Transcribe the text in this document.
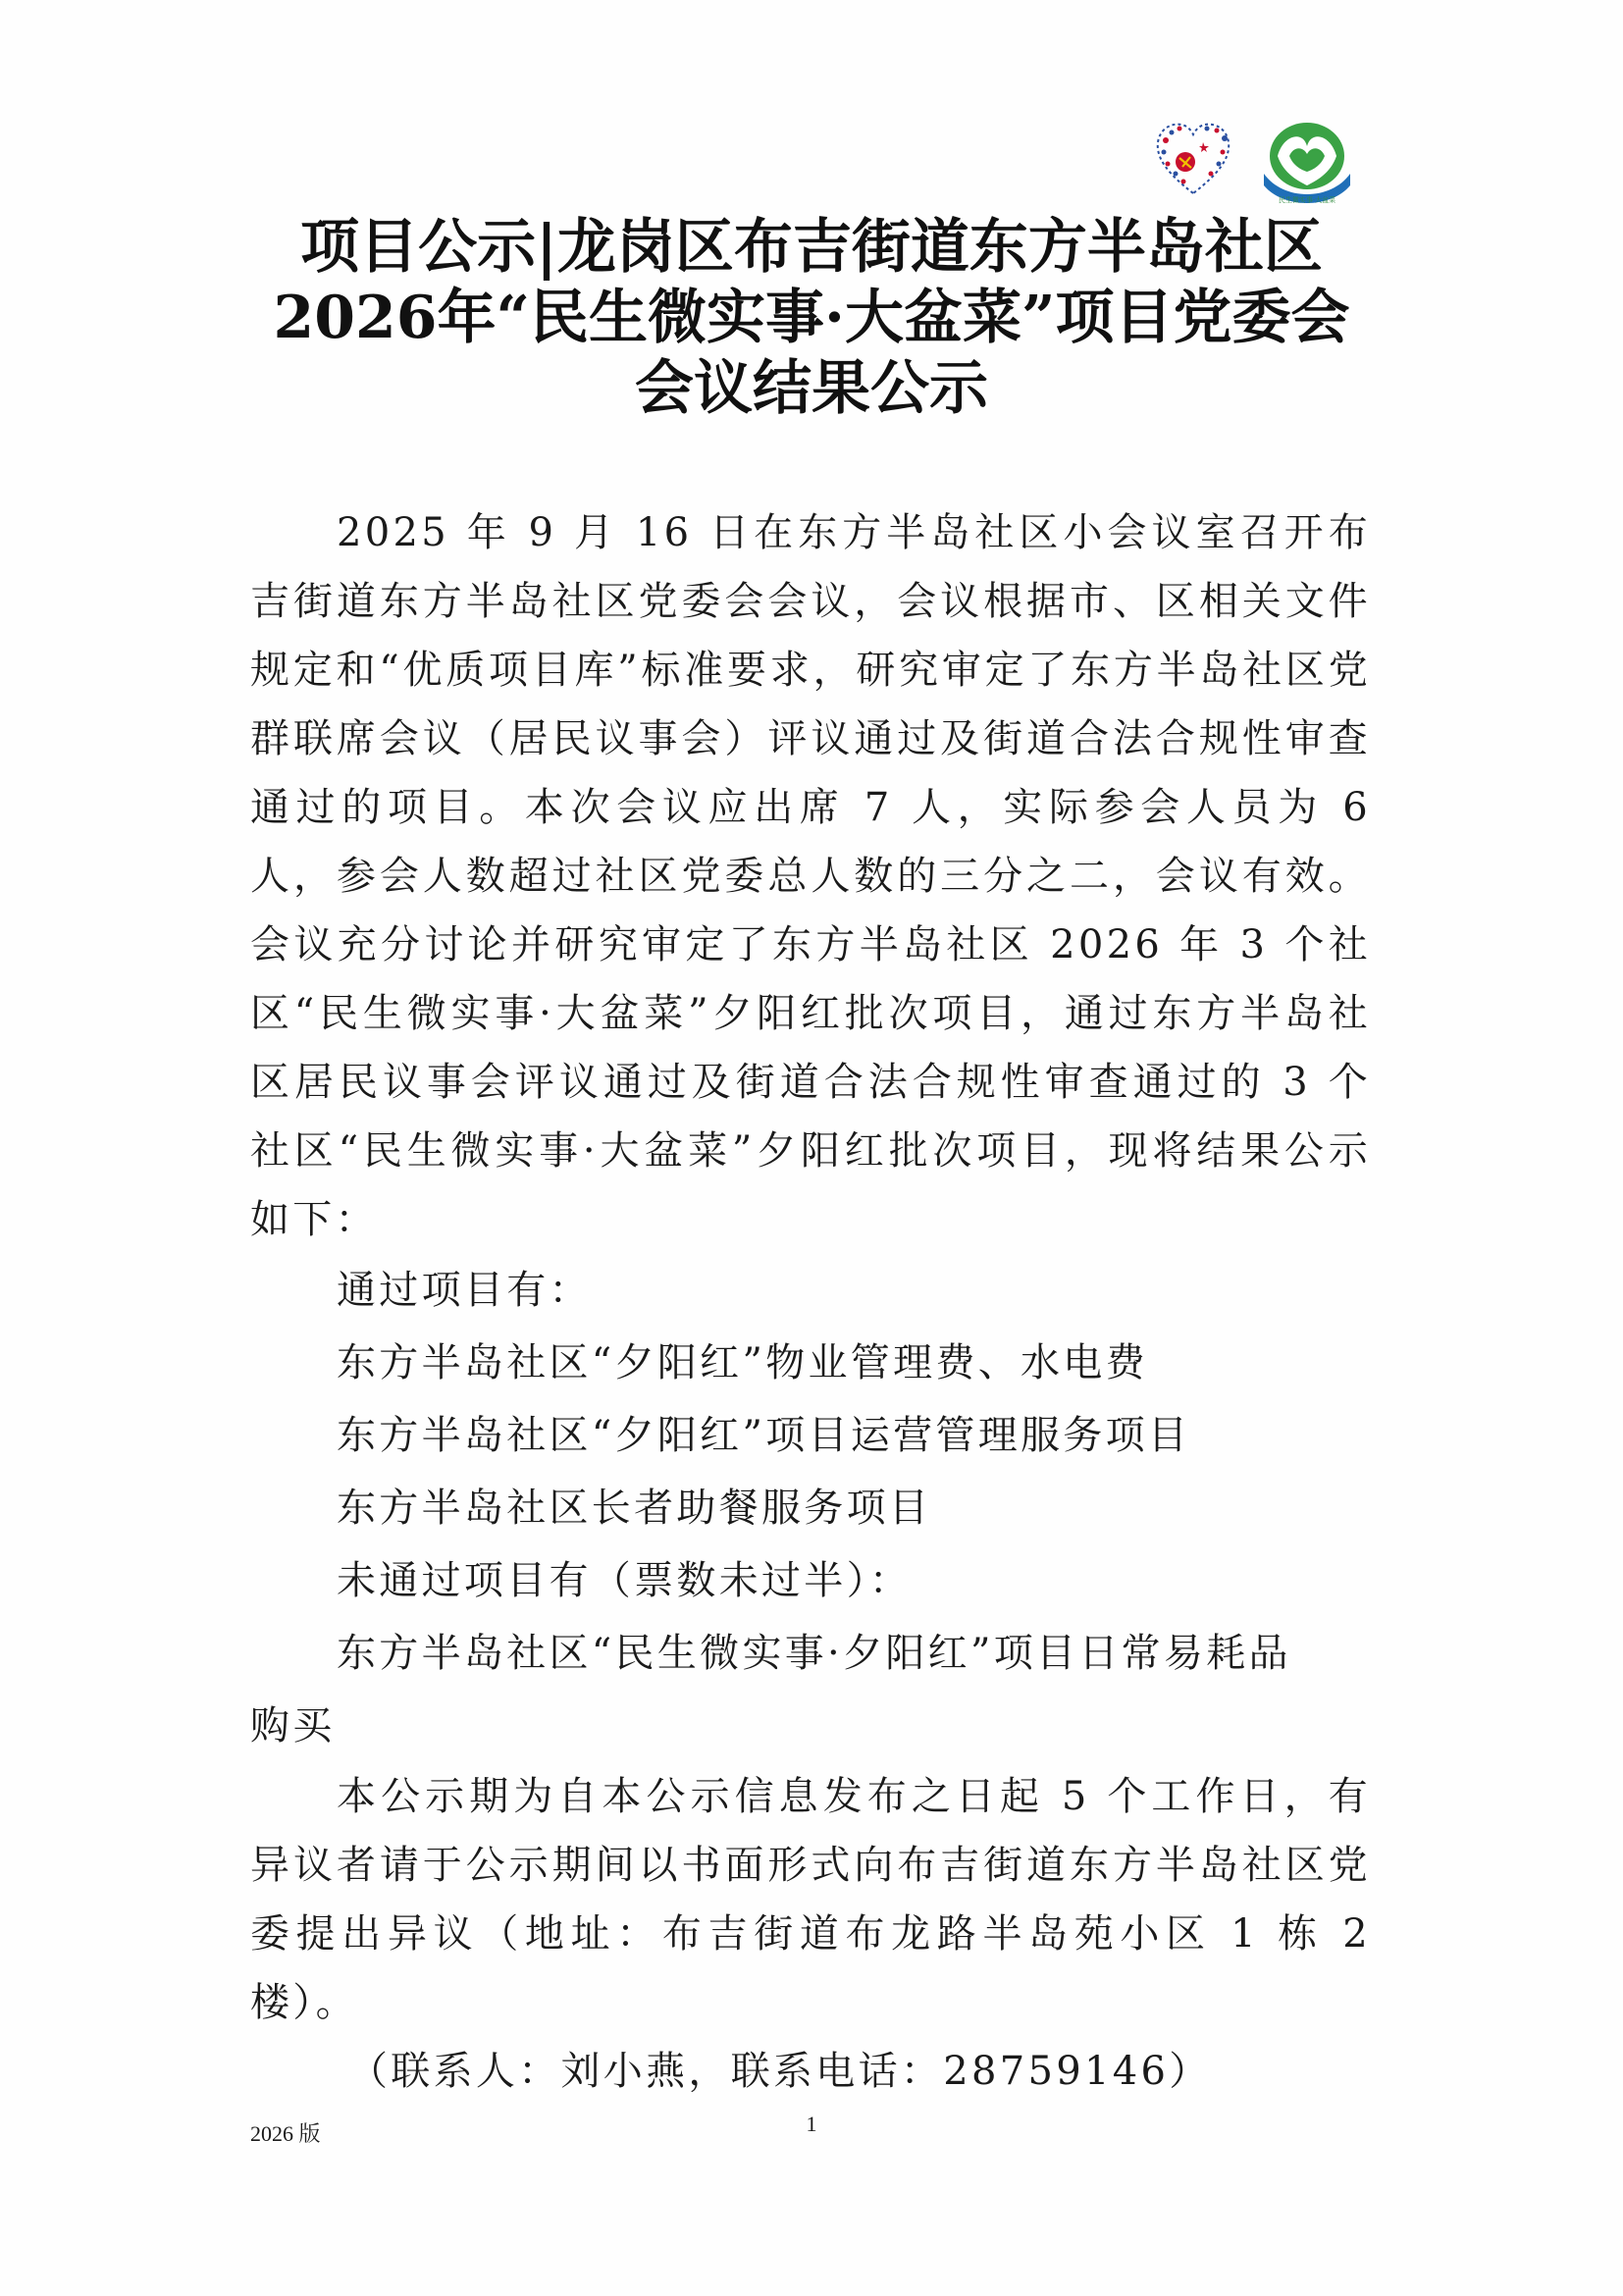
民生微实事·大盆菜
项目公示|龙岗区布吉街道东方半岛社区
2026年“民生微实事·大盆菜”项目党委会
会议结果公示

2025 年 9 月 16 日在东方半岛社区小会议室召开布吉街道东方半岛社区党委会会议，会议根据市、区相关文件规定和“优质项目库”标准要求，研究审定了东方半岛社区党群联席会议（居民议事会）评议通过及街道合法合规性审查通过的项目。本次会议应出席 7 人，实际参会人员为 6 人，参会人数超过社区党委总人数的三分之二，会议有效。会议充分讨论并研究审定了东方半岛社区 2026 年 3 个社区“民生微实事·大盆菜”夕阳红批次项目，通过东方半岛社区居民议事会评议通过及街道合法合规性审查通过的 3 个社区“民生微实事·大盆菜”夕阳红批次项目，现将结果公示如下：

通过项目有：

东方半岛社区“夕阳红”物业管理费、水电费

东方半岛社区“夕阳红”项目运营管理服务项目

东方半岛社区长者助餐服务项目

未通过项目有（票数未过半）：

东方半岛社区“民生微实事·夕阳红”项目日常易耗品

购买

本公示期为自本公示信息发布之日起 5 个工作日，有异议者请于公示期间以书面形式向布吉街道东方半岛社区党委提出异议（地址：布吉街道布龙路半岛苑小区 1 栋 2 楼）。

（联系人：刘小燕，联系电话：28759146）

2026 版	1
